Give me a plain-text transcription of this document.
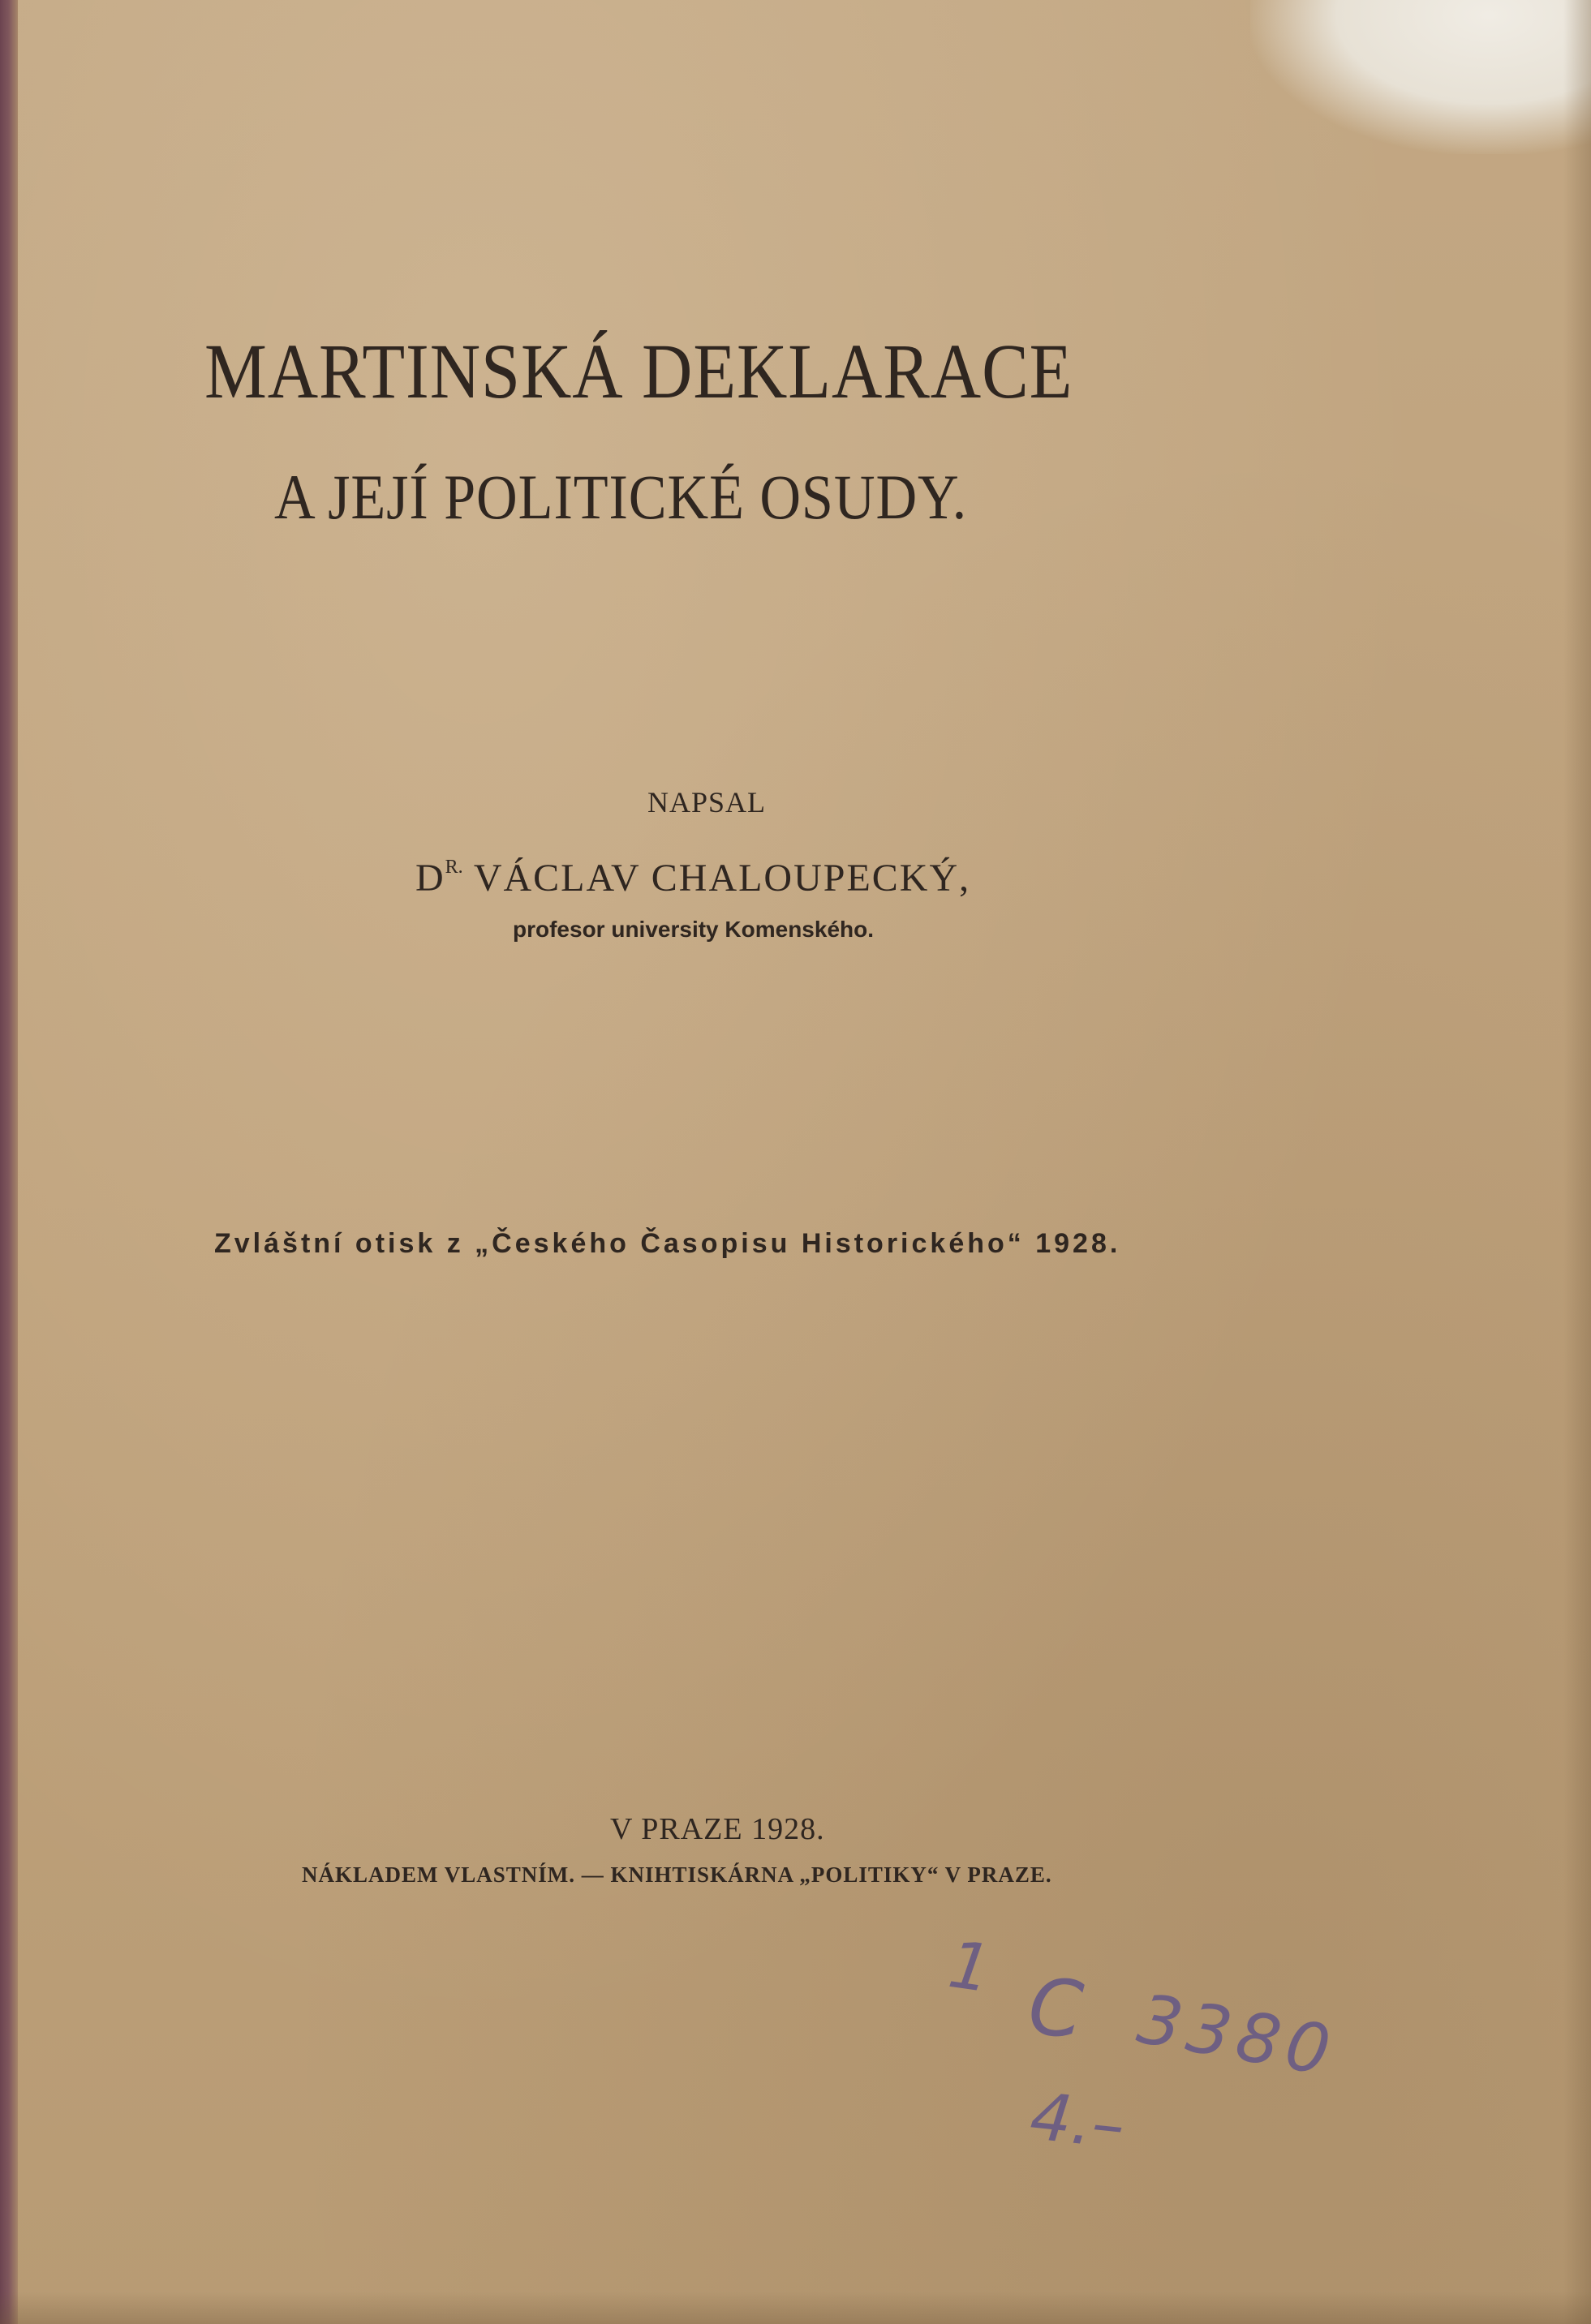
MARTINSKÁ DEKLARACE
A JEJÍ POLITICKÉ OSUDY.
NAPSAL
$D^{R.}$ VÁCLAV CHALOUPECKÝ,
profesor university Komenského.
Zvláštní otisk z „Českého Časopisu Historického“ 1928.
V PRAZE 1928.
NÁKLADEM VLASTNÍM. — KNIHTISKÁRNA „POLITIKY“ V PRAZE.
1 C 3380
4.–
